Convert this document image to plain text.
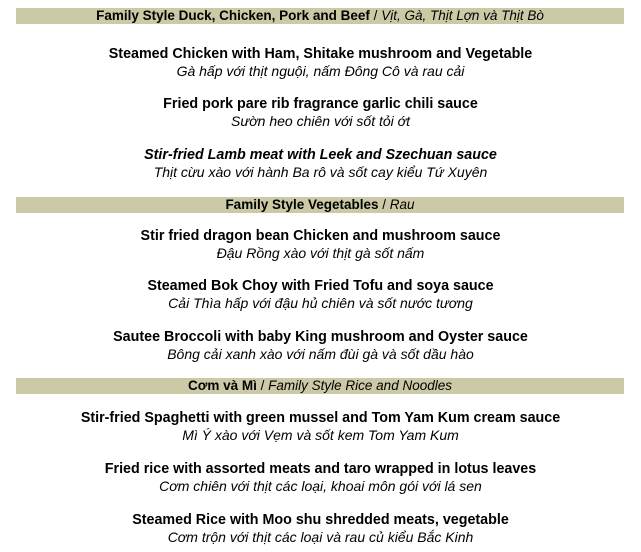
Family Style Duck, Chicken, Pork and Beef / Vịt, Gà, Thịt Lợn và Thịt Bò
Steamed Chicken with Ham, Shitake mushroom and Vegetable
Gà hấp với thịt nguội, nấm Đông Cô và rau cải
Fried pork pare rib fragrance garlic chili sauce
Sườn heo chiên với sốt tỏi ớt
Stir-fried Lamb meat with Leek and Szechuan sauce
Thịt cừu xào với hành Ba rô và sốt cay kiểu Tứ Xuyên
Family Style Vegetables / Rau
Stir fried dragon bean Chicken and mushroom sauce
Đậu Rồng xào với thịt gà sốt nấm
Steamed Bok Choy with Fried Tofu and soya sauce
Cải Thìa hấp với đậu hủ chiên và sốt nước tương
Sautee Broccoli with baby King mushroom and Oyster sauce
Bông cải xanh xào với nấm đùi gà và sốt dầu hào
Cơm và Mì / Family Style Rice and Noodles
Stir-fried Spaghetti with green mussel and Tom Yam Kum cream sauce
Mì Ý xào với Vẹm và sốt kem Tom Yam Kum
Fried rice with assorted meats and taro wrapped in lotus leaves
Cơm chiên với thịt các loại, khoai môn gói với lá sen
Steamed Rice with Moo shu shredded meats, vegetable
Cơm trộn với thịt các loại và rau củ kiểu Bắc Kinh
